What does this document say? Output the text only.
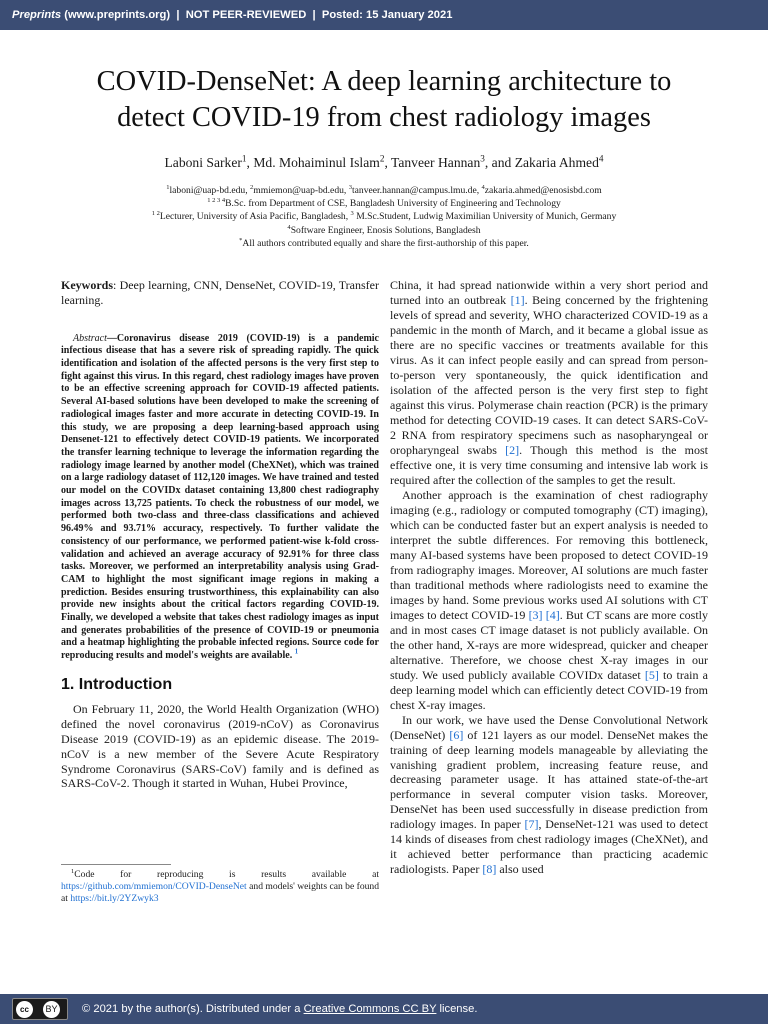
Preprints (www.preprints.org)  |  NOT PEER-REVIEWED  |  Posted: 15 January 2021
COVID-DenseNet: A deep learning architecture to
detect COVID-19 from chest radiology images
Laboni Sarker$^1$, Md. Mohaiminul Islam$^2$, Tanveer Hannan$^3$, and Zakaria Ahmed$^4$
$^1$laboni@uap-bd.edu, $^2$mmiemon@uap-bd.edu, $^3$tanveer.hannan@campus.lmu.de, $^4$zakaria.ahmed@enosisbd.com
$^{1 2 3 4}$B.Sc. from Department of CSE, Bangladesh University of Engineering and Technology
$^{1 2}$Lecturer, University of Asia Pacific, Bangladesh, $^3$ M.Sc.Student, Ludwig Maximilian University of Munich, Germany
$^4$Software Engineer, Enosis Solutions, Bangladesh
*All authors contributed equally and share the first-authorship of this paper.
Keywords: Deep learning, CNN, DenseNet, COVID-19, Transfer learning.
Abstract—Coronavirus disease 2019 (COVID-19) is a pandemic infectious disease that has a severe risk of spreading rapidly. The quick identification and isolation of the affected persons is the very first step to fight against this virus. In this regard, chest radiology images have proven to be an effective screening approach for COVID-19 affected patients. Several AI-based solutions have been developed to make the screening of radiological images faster and more accurate in detecting COVID-19. In this study, we are proposing a deep learning-based approach using Densenet-121 to effectively detect COVID-19 patients. We incorporated the transfer learning technique to leverage the information regarding the radiology image learned by another model (CheXNet), which was trained on a large radiology dataset of 112,120 images. We have trained and tested our model on the COVIDx dataset containing 13,800 chest radiography images across 13,725 patients. To check the robustness of our model, we performed both two-class and three-class classifications and achieved 96.49% and 93.71% accuracy, respectively. To further validate the consistency of our performance, we performed patient-wise k-fold cross-validation and achieved an average accuracy of 92.91% for three class tasks. Moreover, we performed an interpretability analysis using Grad-CAM to highlight the most significant image regions in making a prediction. Besides ensuring trustworthiness, this explainability can also provide new insights about the critical factors regarding COVID-19. Finally, we developed a website that takes chest radiology images as input and generates probabilities of the presence of COVID-19 or pneumonia and a heatmap highlighting the probable infected regions. Source code for reproducing results and model's weights are available. $^1$
1. Introduction
On February 11, 2020, the World Health Organization (WHO) defined the novel coronavirus (2019-nCoV) as Coronavirus Disease 2019 (COVID-19) as an epidemic disease. The 2019-nCoV is a new member of the Severe Acute Respiratory Syndrome Coronavirus (SARS-CoV) family and is defined as SARS-CoV-2. Though it started in Wuhan, Hubei Province,
$^1$Code for reproducing is results available at https://github.com/mmiemon/COVID-DenseNet and models' weights can be found at https://bit.ly/2YZwyk3

China, it had spread nationwide within a very short period and turned into an outbreak [1]. Being concerned by the frightening levels of spread and severity, WHO characterized COVID-19 as a pandemic in the month of March, and it became a global issue as there are no specific vaccines or treatments available for this virus. As it can infect people easily and can spread from person-to-person very spontaneously, the quick identification and isolation of the affected person is the very first step to fight against this virus. Polymerase chain reaction (PCR) is the primary method for detecting COVID-19 cases. It can detect SARS-CoV-2 RNA from respiratory specimens such as nasopharyngeal or oropharyngeal swabs [2]. Though this method is the most effective one, it is very time consuming and intensive lab work is required after the collection of the samples to get the result.

Another approach is the examination of chest radiography imaging (e.g., radiology or computed tomography (CT) imaging), which can be conducted faster but an expert analysis is needed to interpret the subtle differences. For removing this bottleneck, many AI-based systems have been proposed to detect COVID-19 from radiography images. Moreover, AI solutions are much faster than traditional methods where radiologists need to examine the images by hand. Some previous works used AI solutions with CT images to detect COVID-19 [3] [4]. But CT scans are more costly and in most cases CT image dataset is not publicly available. On the other hand, X-rays are more widespread, quicker and cheaper alternative. Therefore, we choose chest X-ray images in our study. We used publicly available COVIDx dataset [5] to train a deep learning model which can efficiently detect COVID-19 from chest X-ray images.

In our work, we have used the Dense Convolutional Network (DenseNet) [6] of 121 layers as our model. DenseNet makes the training of deep learning models manageable by alleviating the vanishing gradient problem, increasing feature reuse, and decreasing parameter usage. It has attained state-of-the-art performance in several computer vision tasks. Moreover, DenseNet has been used successfully in disease prediction from radiology images. In paper [7], DenseNet-121 was used to detect 14 kinds of diseases from chest radiology images (CheXNet), and it achieved better performance than practicing academic radiologists. Paper [8] also used

cc	BY © 2021 by the author(s). Distributed under a Creative Commons CC BY license.
